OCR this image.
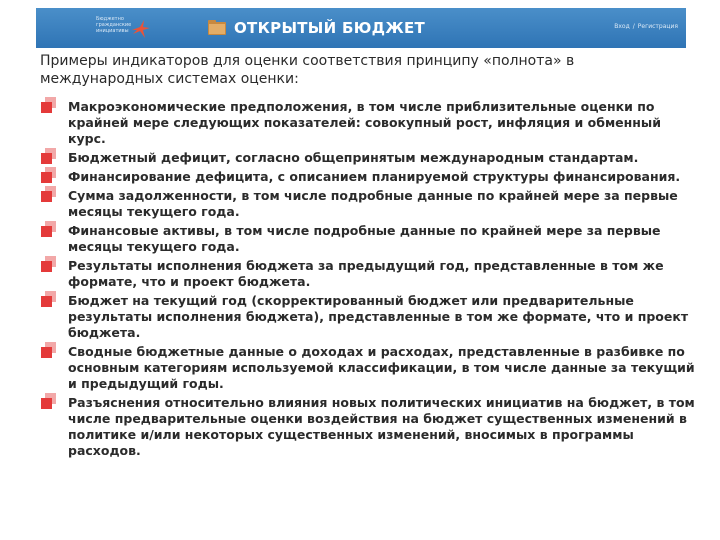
Бюджетно
гражданские
инициативы	ОТКРЫТЫЙ БЮДЖЕТ	Вход / Регистрация
Примеры индикаторов для оценки соответствия принципу «полнота» в международных системах оценки:
Макроэкономические предположения, в том числе приблизительные оценки по крайней мере следующих показателей: совокупный рост, инфляция и обменный курс.
Бюджетный дефицит, согласно общепринятым международным стандартам.
Финансирование дефицита, с описанием планируемой структуры финансирования.
Сумма задолженности, в том числе подробные данные по крайней мере за первые месяцы текущего года.
Финансовые активы, в том числе подробные данные по крайней мере за первые месяцы текущего года.
Результаты исполнения бюджета за предыдущий год, представленные в том же формате, что и проект бюджета.
Бюджет на текущий год (скорректированный бюджет или предварительные результаты исполнения бюджета), представленные в том же формате, что и проект бюджета.
Сводные бюджетные данные о доходах и расходах, представленные в разбивке по основным категориям используемой классификации, в том числе данные за текущий и предыдущий годы.
Разъяснения относительно влияния новых политических инициатив на бюджет, в том числе предварительные оценки воздействия на бюджет существенных изменений в политике и/или некоторых существенных изменений, вносимых в программы расходов.
